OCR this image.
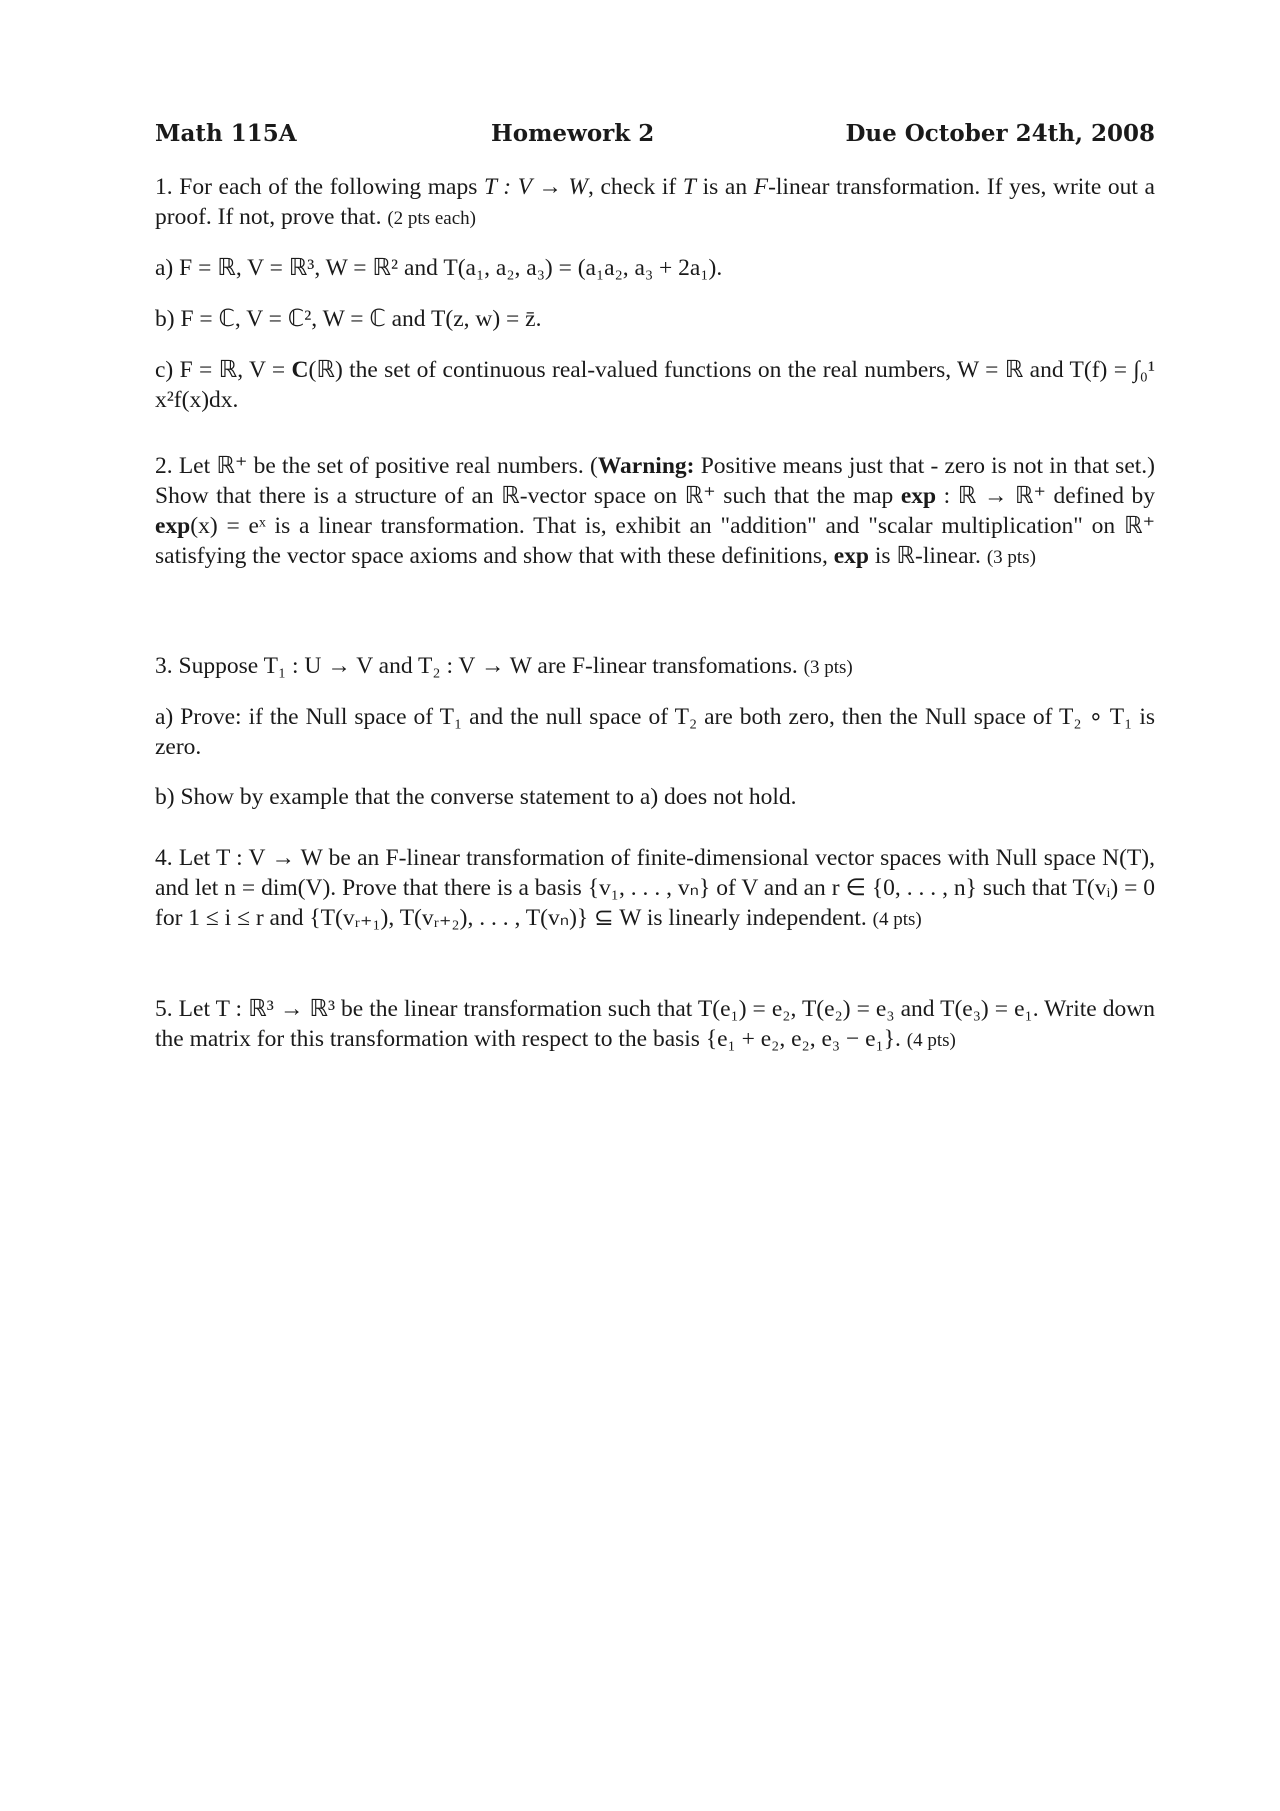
Math 115A	Homework 2	Due October 24th, 2008

1. For each of the following maps T : V → W, check if T is an F-linear transformation. If yes, write out a proof. If not, prove that. (2 pts each)

a) F = ℝ, V = ℝ³, W = ℝ² and T(a₁, a₂, a₃) = (a₁a₂, a₃ + 2a₁).

b) F = ℂ, V = ℂ², W = ℂ and T(z, w) = z̄.

c) F = ℝ, V = C(ℝ) the set of continuous real-valued functions on the real numbers, W = ℝ and T(f) = ∫₀¹ x²f(x)dx.

2. Let ℝ⁺ be the set of positive real numbers. (Warning: Positive means just that - zero is not in that set.) Show that there is a structure of an ℝ-vector space on ℝ⁺ such that the map exp : ℝ → ℝ⁺ defined by exp(x) = eˣ is a linear transformation. That is, exhibit an "addition" and "scalar multiplication" on ℝ⁺ satisfying the vector space axioms and show that with these definitions, exp is ℝ-linear. (3 pts)

3. Suppose T₁ : U → V and T₂ : V → W are F-linear transfomations. (3 pts)

a) Prove: if the Null space of T₁ and the null space of T₂ are both zero, then the Null space of T₂ ∘ T₁ is zero.

b) Show by example that the converse statement to a) does not hold.

4. Let T : V → W be an F-linear transformation of finite-dimensional vector spaces with Null space N(T), and let n = dim(V). Prove that there is a basis {v₁, . . . , vₙ} of V and an r ∈ {0, . . . , n} such that T(vᵢ) = 0 for 1 ≤ i ≤ r and {T(vᵣ₊₁), T(vᵣ₊₂), . . . , T(vₙ)} ⊆ W is linearly independent. (4 pts)

5. Let T : ℝ³ → ℝ³ be the linear transformation such that T(e₁) = e₂, T(e₂) = e₃ and T(e₃) = e₁. Write down the matrix for this transformation with respect to the basis {e₁ + e₂, e₂, e₃ − e₁}. (4 pts)
